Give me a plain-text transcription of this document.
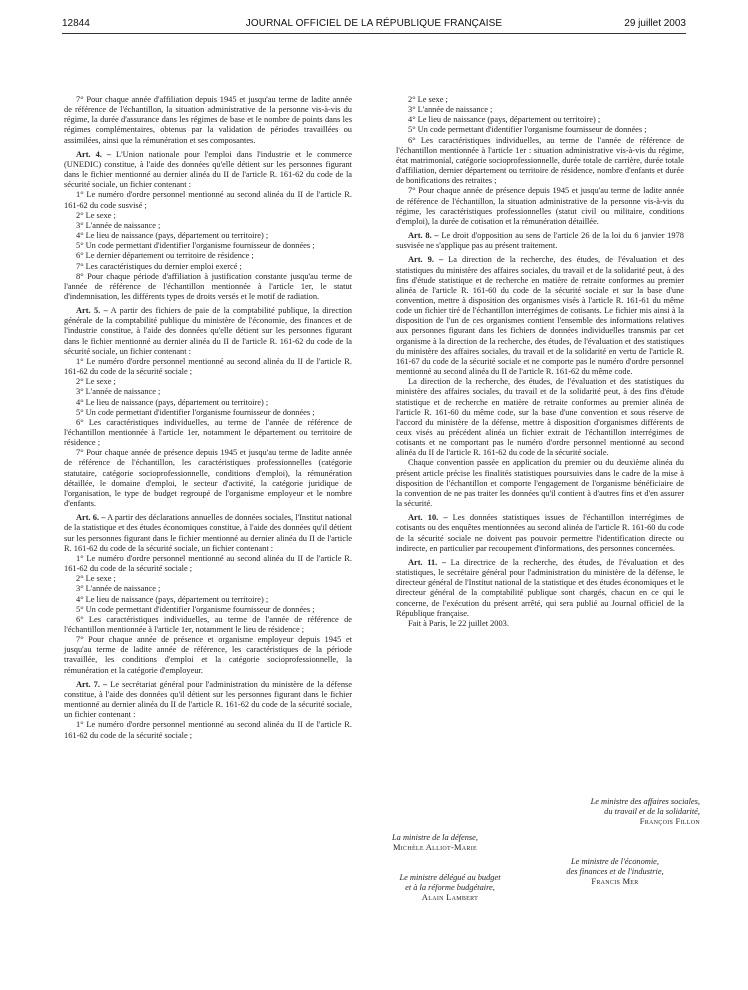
12844	JOURNAL OFFICIEL DE LA RÉPUBLIQUE FRANÇAISE	29 juillet 2003

7° Pour chaque année d'affiliation depuis 1945 et jusqu'au terme de ladite année de référence de l'échantillon, la situation administrative de la personne vis-à-vis du régime, la durée d'assurance dans les régimes de base et le nombre de points dans les régimes complémentaires, obtenus par la validation de périodes travaillées ou assimilées, ainsi que la rémunération et ses composantes.

Art. 4. – L'Union nationale pour l'emploi dans l'industrie et le commerce (UNEDIC) constitue, à l'aide des données qu'elle détient sur les personnes figurant dans le fichier mentionné au dernier alinéa du II de l'article R. 161-62 du code de la sécurité sociale, un fichier contenant :

1° Le numéro d'ordre personnel mentionné au second alinéa du II de l'article R. 161-62 du code susvisé ;

2° Le sexe ;

3° L'année de naissance ;

4° Le lieu de naissance (pays, département ou territoire) ;

5° Un code permettant d'identifier l'organisme fournisseur de données ;

6° Le dernier département ou territoire de résidence ;

7° Les caractéristiques du dernier emploi exercé ;

8° Pour chaque période d'affiliation à justification constante jusqu'au terme de l'année de référence de l'échantillon mentionnée à l'article 1er, le statut d'indemnisation, les différents types de droits versés et le motif de radiation.

Art. 5. – A partir des fichiers de paie de la comptabilité publique, la direction générale de la comptabilité publique du ministère de l'économie, des finances et de l'industrie constitue, à l'aide des données qu'elle détient sur les personnes figurant dans le fichier mentionné au dernier alinéa du II de l'article R. 161-62 du code de la sécurité sociale, un fichier contenant :

1° Le numéro d'ordre personnel mentionné au second alinéa du II de l'article R. 161-62 du code de la sécurité sociale ;

2° Le sexe ;

3° L'année de naissance ;

4° Le lieu de naissance (pays, département ou territoire) ;

5° Un code permettant d'identifier l'organisme fournisseur de données ;

6° Les caractéristiques individuelles, au terme de l'année de référence de l'échantillon mentionnée à l'article 1er, notamment le département ou territoire de résidence ;

7° Pour chaque année de présence depuis 1945 et jusqu'au terme de ladite année de référence de l'échantillon, les caractéristiques professionnelles (catégorie statutaire, catégorie socioprofessionnelle, conditions d'emploi), la rémunération détaillée, le domaine d'emploi, le secteur d'activité, la catégorie juridique de l'organisation, le type de budget regroupé de l'organisme employeur et le nombre d'enfants.

Art. 6. – A partir des déclarations annuelles de données sociales, l'Institut national de la statistique et des études économiques constitue, à l'aide des données qu'il détient sur les personnes figurant dans le fichier mentionné au dernier alinéa du II de l'article R. 161-62 du code de la sécurité sociale, un fichier contenant :

1° Le numéro d'ordre personnel mentionné au second alinéa du II de l'article R. 161-62 du code de la sécurité sociale ;

2° Le sexe ;

3° L'année de naissance ;

4° Le lieu de naissance (pays, département ou territoire) ;

5° Un code permettant d'identifier l'organisme fournisseur de données ;

6° Les caractéristiques individuelles, au terme de l'année de référence de l'échantillon mentionnée à l'article 1er, notamment le lieu de résidence ;

7° Pour chaque année de présence et organisme employeur depuis 1945 et jusqu'au terme de ladite année de référence, les caractéristiques de la période travaillée, les conditions d'emploi et la catégorie socioprofessionnelle, la rémunération et la catégorie d'employeur.

Art. 7. – Le secrétariat général pour l'administration du ministère de la défense constitue, à l'aide des données qu'il détient sur les personnes figurant dans le fichier mentionné au dernier alinéa du II de l'article R. 161-62 du code de la sécurité sociale, un fichier contenant :

1° Le numéro d'ordre personnel mentionné au second alinéa du II de l'article R. 161-62 du code de la sécurité sociale ;

2° Le sexe ;

3° L'année de naissance ;

4° Le lieu de naissance (pays, département ou territoire) ;

5° Un code permettant d'identifier l'organisme fournisseur de données ;

6° Les caractéristiques individuelles, au terme de l'année de référence de l'échantillon mentionnée à l'article 1er : situation administrative vis-à-vis du régime, état matrimonial, catégorie socioprofessionnelle, durée totale de carrière, durée totale d'affiliation, dernier département ou territoire de résidence, nombre d'enfants et durée de bonifications des retraites ;

7° Pour chaque année de présence depuis 1945 et jusqu'au terme de ladite année de référence de l'échantillon, la situation administrative de la personne vis-à-vis du régime, les caractéristiques professionnelles (statut civil ou militaire, conditions d'emploi), la durée de cotisation et la rémunération détaillée.

Art. 8. – Le droit d'opposition au sens de l'article 26 de la loi du 6 janvier 1978 susvisée ne s'applique pas au présent traitement.

Art. 9. – La direction de la recherche, des études, de l'évaluation et des statistiques du ministère des affaires sociales, du travail et de la solidarité peut, à des fins d'étude statistique et de recherche en matière de retraite conformes au premier alinéa de l'article R. 161-60 du code de la sécurité sociale et sur la base d'une convention, mettre à disposition des organismes visés à l'article R. 161-61 du même code un fichier tiré de l'échantillon interrégimes de cotisants. Le fichier mis ainsi à la disposition de l'un de ces organismes contient l'ensemble des informations relatives aux personnes figurant dans les fichiers de données individuelles transmis par cet organisme à la direction de la recherche, des études, de l'évaluation et des statistiques du ministère des affaires sociales, du travail et de la solidarité en vertu de l'article R. 161-67 du code de la sécurité sociale et ne comporte pas le numéro d'ordre personnel mentionné au second alinéa du II de l'article R. 161-62 du même code.

La direction de la recherche, des études, de l'évaluation et des statistiques du ministère des affaires sociales, du travail et de la solidarité peut, à des fins d'étude statistique et de recherche en matière de retraite conformes au premier alinéa de l'article R. 161-60 du même code, sur la base d'une convention et sous réserve de l'accord du ministère de la défense, mettre à disposition d'organismes différents de ceux visés au précédent alinéa un fichier extrait de l'échantillon interrégimes de cotisants et ne comportant pas le numéro d'ordre personnel mentionné au second alinéa du II de l'article R. 161-62 du code de la sécurité sociale.

Chaque convention passée en application du premier ou du deuxième alinéa du présent article précise les finalités statistiques poursuivies dans le cadre de la mise à disposition de l'échantillon et comporte l'engagement de l'organisme bénéficiaire de la convention de ne pas traiter les données qu'il contient à d'autres fins et d'en assurer la sécurité.

Art. 10. – Les données statistiques issues de l'échantillon interrégimes de cotisants ou des enquêtes mentionnées au second alinéa de l'article R. 161-60 du code de la sécurité sociale ne doivent pas pouvoir permettre l'identification directe ou indirecte, en particulier par recoupement d'informations, des personnes concernées.

Art. 11. – La directrice de la recherche, des études, de l'évaluation et des statistiques, le secrétaire général pour l'administration du ministère de la défense, le directeur général de l'Institut national de la statistique et des études économiques et le directeur général de la comptabilité publique sont chargés, chacun en ce qui le concerne, de l'exécution du présent arrêté, qui sera publié au Journal officiel de la République française.

Fait à Paris, le 22 juillet 2003.

Le ministre des affaires sociales,
du travail et de la solidarité,
François Fillon
La ministre de la défense,
Michèle Alliot-Marie
Le ministre de l'économie,
des finances et de l'industrie,
Francis Mer
Le ministre délégué au budget
et à la réforme budgétaire,
Alain Lambert
